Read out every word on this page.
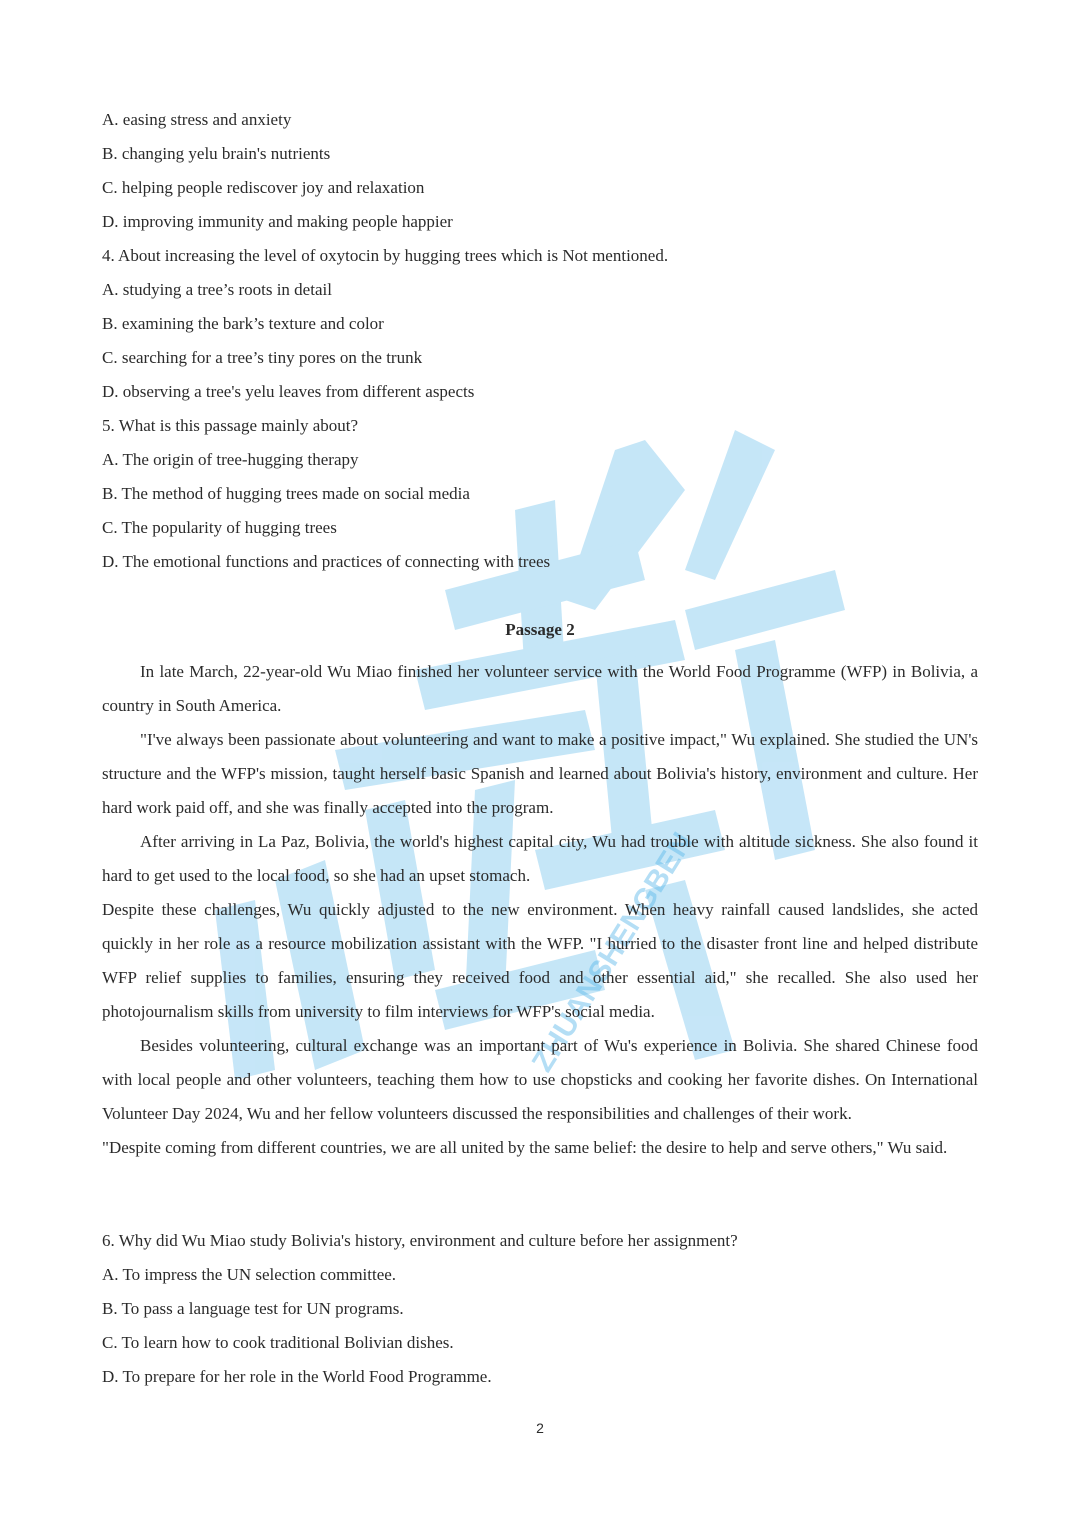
ZHUANSHENGBEN
A. easing stress and anxiety
B. changing yelu brain's nutrients
C. helping people rediscover joy and relaxation
D. improving immunity and making people happier
4. About increasing the level of oxytocin by hugging trees which is Not mentioned.
A. studying a tree’s roots in detail
B. examining the bark’s texture and color
C. searching for a tree’s tiny pores on the trunk
D. observing a tree's yelu leaves from different aspects
5. What is this passage mainly about?
A. The origin of tree-hugging therapy
B. The method of hugging trees made on social media
C. The popularity of hugging trees
D. The emotional functions and practices of connecting with trees
Passage 2

In late March, 22-year-old Wu Miao finished her volunteer service with the World Food Programme (WFP) in Bolivia, a country in South America.

"I've always been passionate about volunteering and want to make a positive impact," Wu explained. She studied the UN's structure and the WFP's mission, taught herself basic Spanish and learned about Bolivia's history, environment and culture. Her hard work paid off, and she was finally accepted into the program.

After arriving in La Paz, Bolivia, the world's highest capital city, Wu had trouble with altitude sickness. She also found it hard to get used to the local food, so she had an upset stomach.

Despite these challenges, Wu quickly adjusted to the new environment. When heavy rainfall caused landslides, she acted quickly in her role as a resource mobilization assistant with the WFP. "I hurried to the disaster front line and helped distribute WFP relief supplies to families, ensuring they received food and other essential aid," she recalled. She also used her photojournalism skills from university to film interviews for WFP's social media.

Besides volunteering, cultural exchange was an important part of Wu's experience in Bolivia. She shared Chinese food with local people and other volunteers, teaching them how to use chopsticks and cooking her favorite dishes. On International Volunteer Day 2024, Wu and her fellow volunteers discussed the responsibilities and challenges of their work.

"Despite coming from different countries, we are all united by the same belief: the desire to help and serve others," Wu said.

6. Why did Wu Miao study Bolivia's history, environment and culture before her assignment?
A. To impress the UN selection committee.
B. To pass a language test for UN programs.
C. To learn how to cook traditional Bolivian dishes.
D. To prepare for her role in the World Food Programme.
2
